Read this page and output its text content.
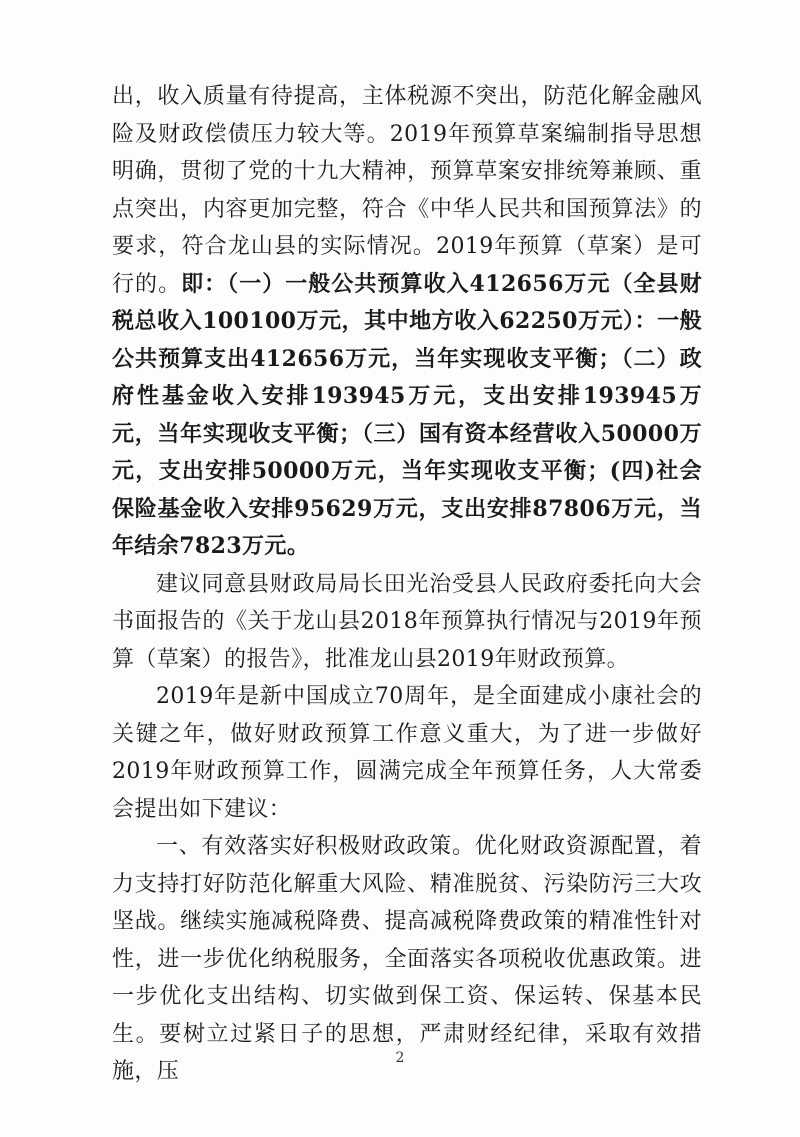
出，收入质量有待提高，主体税源不突出，防范化解金融风险及财政偿债压力较大等。2019年预算草案编制指导思想明确，贯彻了党的十九大精神，预算草案安排统筹兼顾、重点突出，内容更加完整，符合《中华人民共和国预算法》的要求，符合龙山县的实际情况。2019年预算（草案）是可行的。即：（一）一般公共预算收入412656万元（全县财税总收入100100万元，其中地方收入62250万元）：一般公共预算支出412656万元，当年实现收支平衡；（二）政府性基金收入安排193945万元，支出安排193945万元，当年实现收支平衡；（三）国有资本经营收入50000万元，支出安排50000万元，当年实现收支平衡；(四)社会保险基金收入安排95629万元，支出安排87806万元，当年结余7823万元。

建议同意县财政局局长田光治受县人民政府委托向大会书面报告的《关于龙山县2018年预算执行情况与2019年预算（草案）的报告》，批准龙山县2019年财政预算。

2019年是新中国成立70周年，是全面建成小康社会的关键之年，做好财政预算工作意义重大，为了进一步做好2019年财政预算工作，圆满完成全年预算任务，人大常委会提出如下建议：

一、有效落实好积极财政政策。优化财政资源配置，着力支持打好防范化解重大风险、精准脱贫、污染防污三大攻坚战。继续实施减税降费、提高减税降费政策的精准性针对性，进一步优化纳税服务，全面落实各项税收优惠政策。进一步优化支出结构、切实做到保工资、保运转、保基本民生。要树立过紧日子的思想，严肃财经纪律，采取有效措施，压

2
